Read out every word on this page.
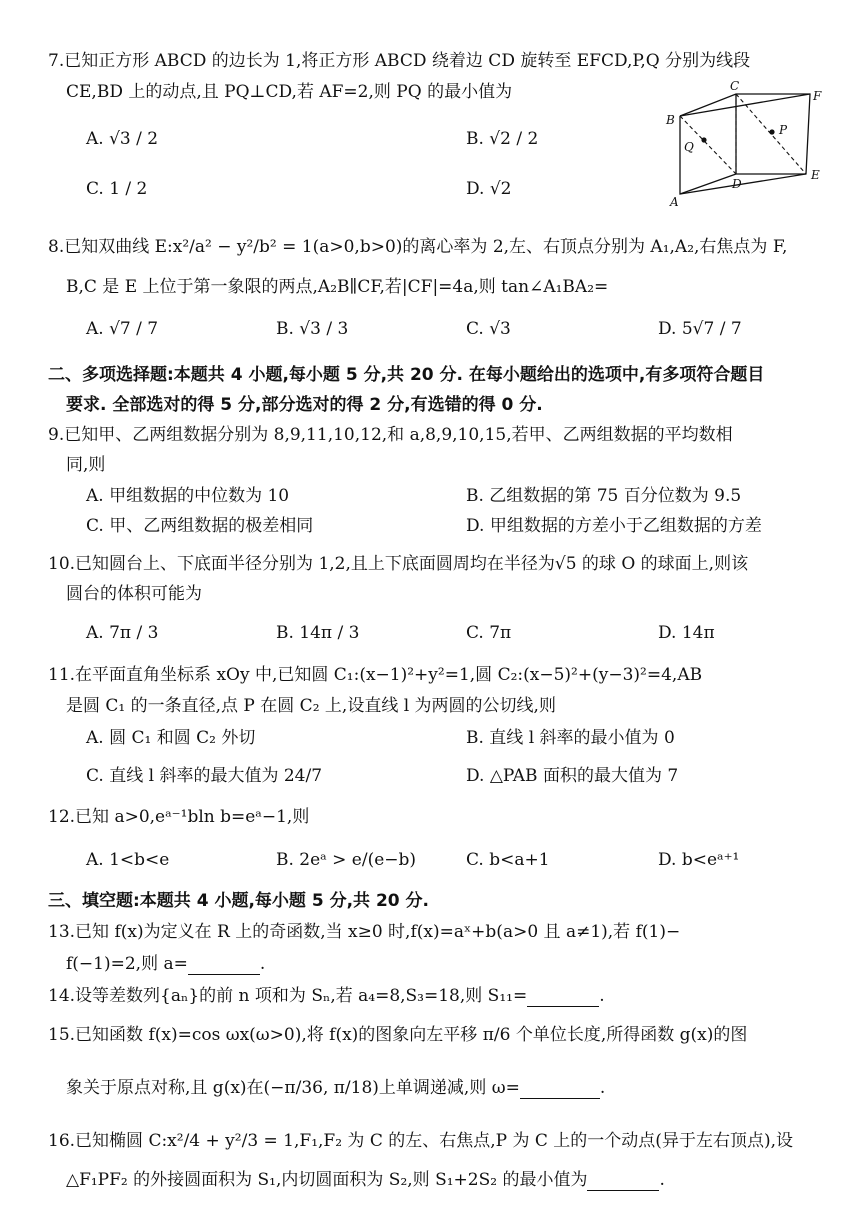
7.已知正方形 ABCD 的边长为 1,将正方形 ABCD 绕着边 CD 旋转至 EFCD,P,Q 分别为线段
CE,BD 上的动点,且 PQ⊥CD,若 AF=2,则 PQ 的最小值为
A. √3 / 2	B. √2 / 2
C. 1 / 2	D. √2
C
F
B
P
Q
D
E
A
8.已知双曲线 E:x²/a² − y²/b² = 1(a>0,b>0)的离心率为 2,左、右顶点分别为 A₁,A₂,右焦点为 F,
B,C 是 E 上位于第一象限的两点,A₂B∥CF,若|CF|=4a,则 tan∠A₁BA₂=
A. √7 / 7	B. √3 / 3	C. √3	D. 5√7 / 7
二、多项选择题:本题共 4 小题,每小题 5 分,共 20 分. 在每小题给出的选项中,有多项符合题目
要求. 全部选对的得 5 分,部分选对的得 2 分,有选错的得 0 分.
9.已知甲、乙两组数据分别为 8,9,11,10,12,和 a,8,9,10,15,若甲、乙两组数据的平均数相
同,则
A. 甲组数据的中位数为 10	B. 乙组数据的第 75 百分位数为 9.5
C. 甲、乙两组数据的极差相同	D. 甲组数据的方差小于乙组数据的方差
10.已知圆台上、下底面半径分别为 1,2,且上下底面圆周均在半径为√5 的球 O 的球面上,则该
圆台的体积可能为
A. 7π / 3	B. 14π / 3	C. 7π	D. 14π
11.在平面直角坐标系 xOy 中,已知圆 C₁:(x−1)²+y²=1,圆 C₂:(x−5)²+(y−3)²=4,AB
是圆 C₁ 的一条直径,点 P 在圆 C₂ 上,设直线 l 为两圆的公切线,则
A. 圆 C₁ 和圆 C₂ 外切	B. 直线 l 斜率的最小值为 0
C. 直线 l 斜率的最大值为 24/7	D. △PAB 面积的最大值为 7
12.已知 a>0,eᵃ⁻¹bln b=eᵃ−1,则
A. 1<b<e	B. 2eᵃ > e/(e−b)	C. b<a+1	D. b<eᵃ⁺¹
三、填空题:本题共 4 小题,每小题 5 分,共 20 分.
13.已知 f(x)为定义在 R 上的奇函数,当 x≥0 时,f(x)=aˣ+b(a>0 且 a≠1),若 f(1)−
f(−1)=2,则 a=	.
14.设等差数列{aₙ}的前 n 项和为 Sₙ,若 a₄=8,S₃=18,则 S₁₁=	.
15.已知函数 f(x)=cos ωx(ω>0),将 f(x)的图象向左平移 π/6 个单位长度,所得函数 g(x)的图
象关于原点对称,且 g(x)在(−π/36, π/18)上单调递减,则 ω=	.
16.已知椭圆 C:x²/4 + y²/3 = 1,F₁,F₂ 为 C 的左、右焦点,P 为 C 上的一个动点(异于左右顶点),设
△F₁PF₂ 的外接圆面积为 S₁,内切圆面积为 S₂,则 S₁+2S₂ 的最小值为	.
